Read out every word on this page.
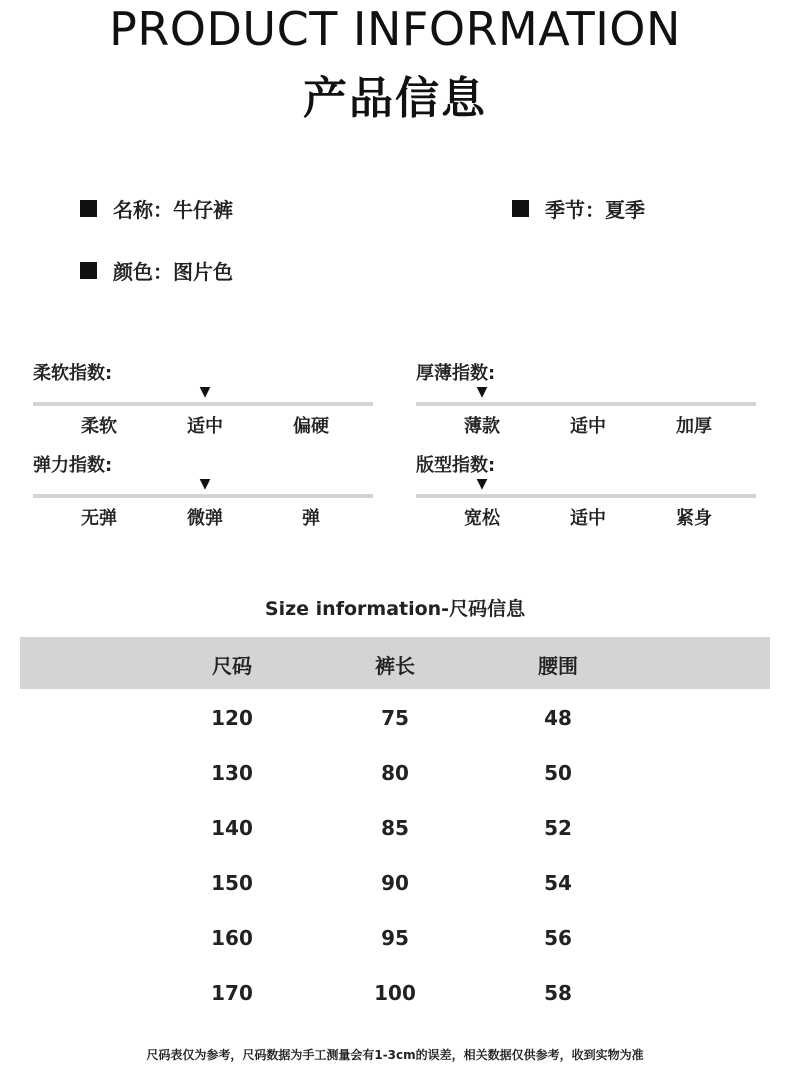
PRODUCT INFORMATION
产品信息
名称：牛仔裤	季节：夏季
颜色：图片色
柔软指数:
▼
柔软	适中	偏硬
厚薄指数:
▼
薄款	适中	加厚
弹力指数:
▼
无弹	微弹	弹
版型指数:
▼
宽松	适中	紧身
Size information-尺码信息
尺码	裤长	腰围
120	75	48
130	80	50
140	85	52
150	90	54
160	95	56
170	100	58
尺码表仅为参考，尺码数据为手工测量会有1-3cm的误差，相关数据仅供参考，收到实物为准
